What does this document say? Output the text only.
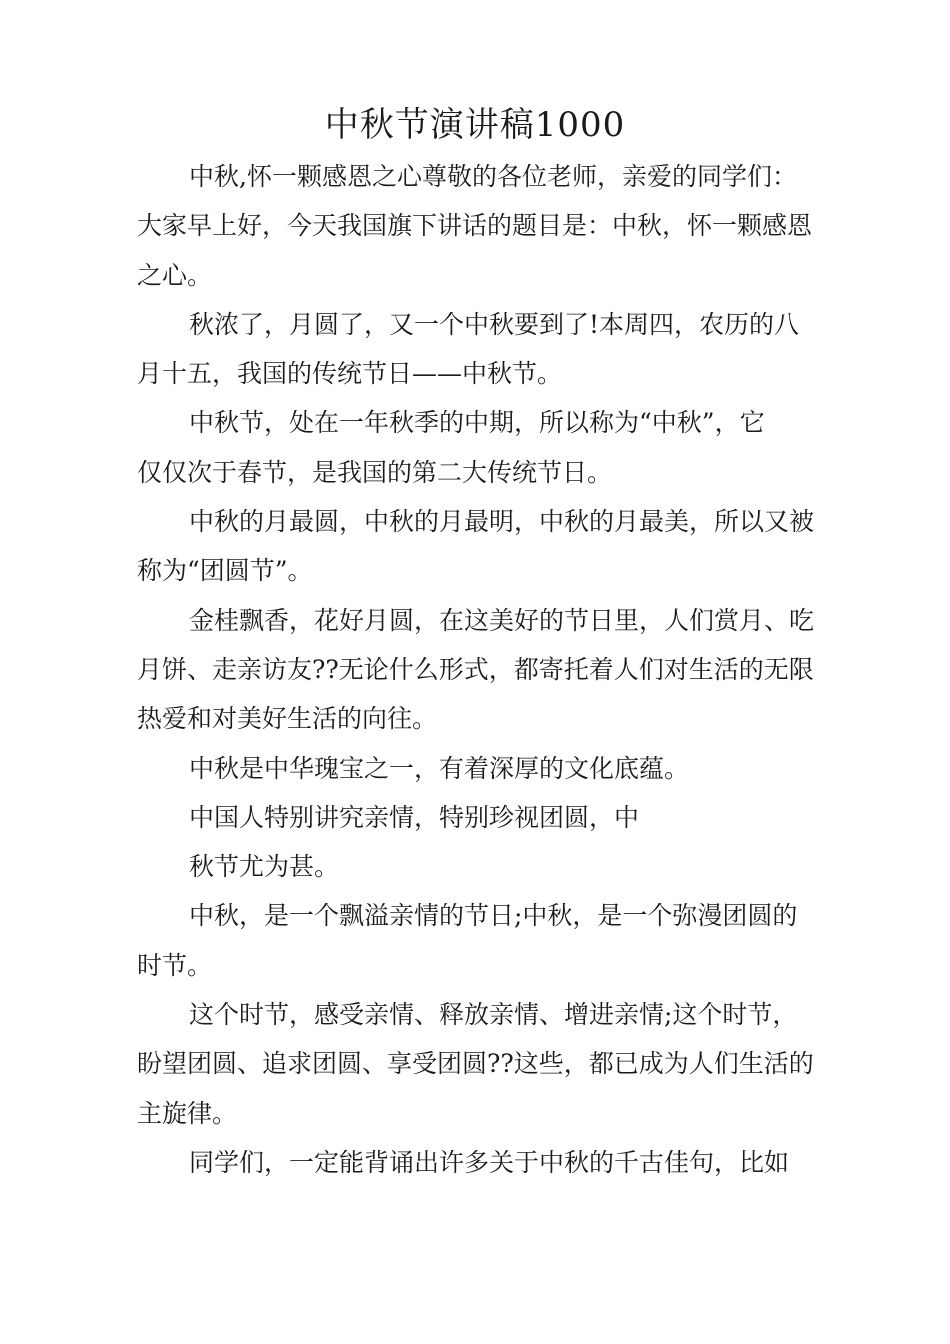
中秋节演讲稿1000
中秋,怀一颗感恩之心尊敬的各位老师，亲爱的同学们：
大家早上好，今天我国旗下讲话的题目是：中秋，怀一颗感恩
之心。
秋浓了，月圆了，又一个中秋要到了!本周四，农历的八
月十五，我国的传统节日——中秋节。
中秋节，处在一年秋季的中期，所以称为“中秋”，它
仅仅次于春节，是我国的第二大传统节日。
中秋的月最圆，中秋的月最明，中秋的月最美，所以又被
称为“团圆节”。
金桂飘香，花好月圆，在这美好的节日里，人们赏月、吃
月饼、走亲访友??无论什么形式，都寄托着人们对生活的无限
热爱和对美好生活的向往。
中秋是中华瑰宝之一，有着深厚的文化底蕴。
中国人特别讲究亲情，特别珍视团圆，中
秋节尤为甚。
中秋，是一个飘溢亲情的节日;中秋，是一个弥漫团圆的
时节。
这个时节，感受亲情、释放亲情、增进亲情;这个时节，
盼望团圆、追求团圆、享受团圆??这些，都已成为人们生活的
主旋律。
同学们，一定能背诵出许多关于中秋的千古佳句，比如
